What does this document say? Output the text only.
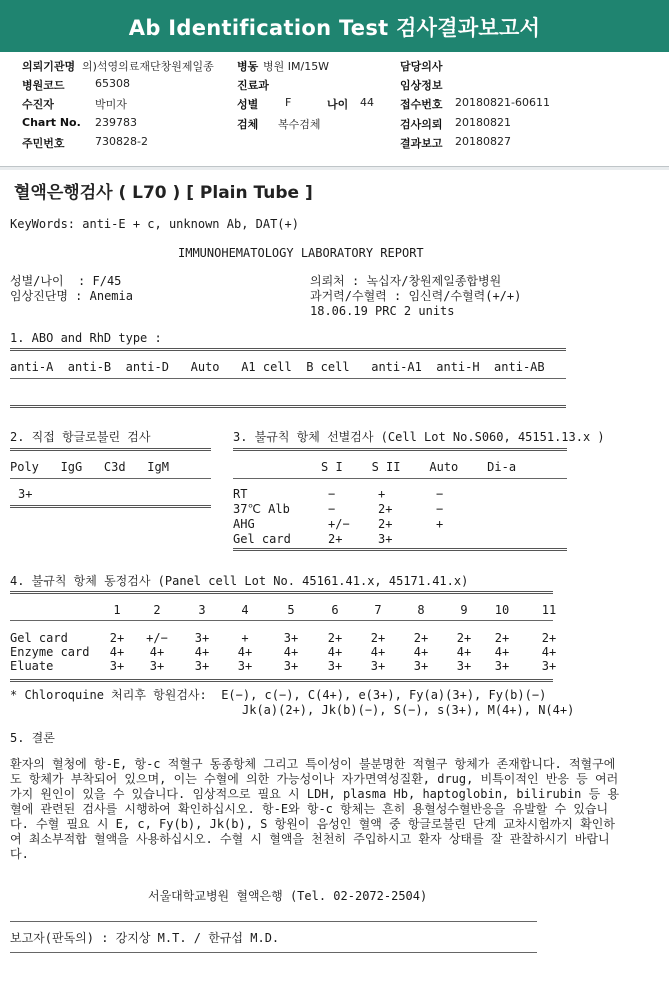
Ab Identification Test 검사결과보고서
의뢰기관명 의)석영의료재단창원제일종	병동 병원 IM/15W	담당의사
병원코드	65308	진료과	임상정보
수진자	박미자	성별 F	나이 44 접수번호 20180821-60611
Chart No. 239783	검체 복수검체	검사의뢰 20180821
주민번호	730828-2	결과보고 20180827
혈액은행검사 ( L70 ) [ Plain Tube ]
KeyWords: anti-E + c, unknown Ab, DAT(+)
IMMUNOHEMATOLOGY LABORATORY REPORT
성별/나이  : F/45
임상진단명 : Anemia
의뢰처 : 녹십자/창원제일종합병원
과거력/수혈력 : 임신력/수혈력(+/+)
18.06.19 PRC 2 units
1. ABO and RhD type :
anti-A  anti-B  anti-D   Auto   A1 cell  B cell   anti-A1  anti-H  anti-AB
2. 직접 항글로불린 검사
Poly   IgG   C3d   IgM
3+
3. 불규칙 항체 선별검사 (Cell Lot No.S060, 45151.13.x )
S I    S II    Auto    Di-a
RT	−	+	−
37℃ Alb	−	2+	−
AHG	+/− 2+	+
Gel card	2+	3+
4. 불규칙 항체 동정검사 (Panel cell Lot No. 45161.41.x, 45171.41.x)
1	2	3	4	5	6	7	8	9	10	11
Gel card	2+	+/−	3+	+	3+	2+	2+	2+	2+	2+	2+
Enzyme card	4+	4+	4+	4+	4+	4+	4+	4+	4+	4+	4+
Eluate	3+	3+	3+	3+	3+	3+	3+	3+	3+	3+	3+
* Chloroquine 처리후 항원검사:  E(−), c(−), C(4+), e(3+), Fy(a)(3+), Fy(b)(−)
Jk(a)(2+), Jk(b)(−), S(−), s(3+), M(4+), N(4+)
5. 결론
환자의 혈청에 항-E, 항-c 적혈구 동종항체 그리고 특이성이 불분명한 적혈구 항체가 존재합니다. 적혈구에도 항체가 부착되어 있으며, 이는 수혈에 의한 가능성이나 자가면역성질환, drug, 비특이적인 반응 등 여러가지 원인이 있을 수 있습니다. 임상적으로 필요 시 LDH, plasma Hb, haptoglobin, bilirubin 등 용혈에 관련된 검사를 시행하여 확인하십시오. 항-E와 항-c 항체는 흔히 용혈성수혈반응을 유발할 수 있습니다. 수혈 필요 시 E, c, Fy(b), Jk(b), S 항원이 음성인 혈액 중 항글로불린 단계 교차시험까지 확인하여 최소부적합 혈액을 사용하십시오. 수혈 시 혈액을 천천히 주입하시고 환자 상태를 잘 관찰하시기 바랍니다.
서울대학교병원 혈액은행 (Tel. 02-2072-2504)
보고자(판독의) : 강지상 M.T. / 한규섭 M.D.
